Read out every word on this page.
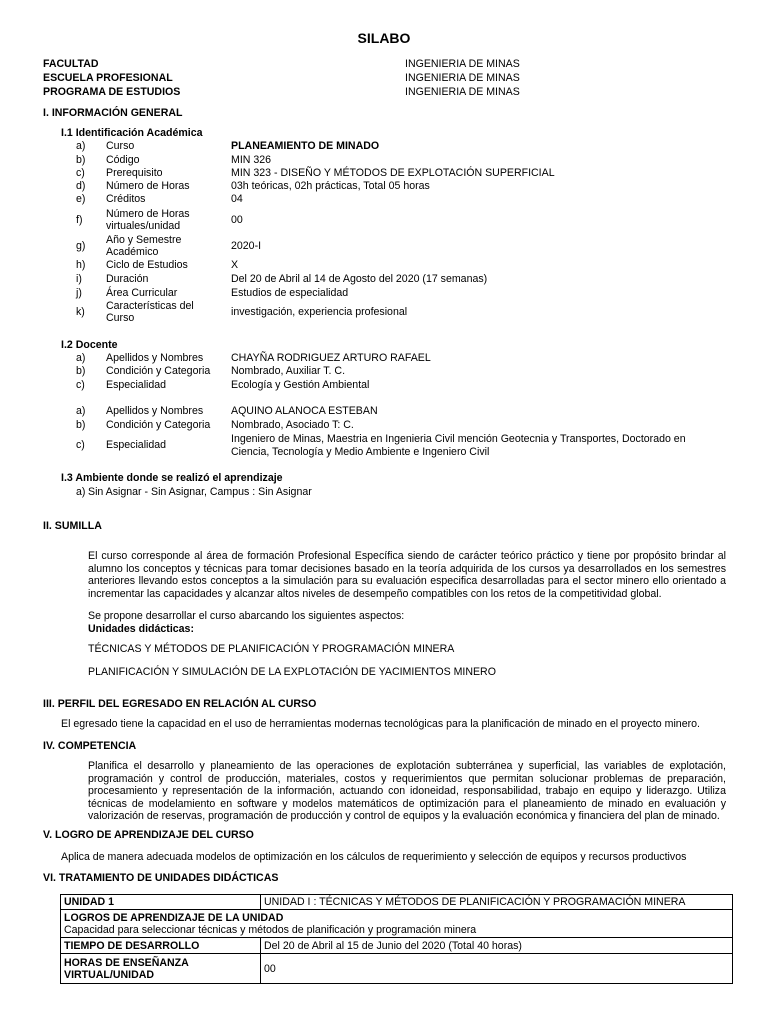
SILABO
FACULTAD	INGENIERIA DE MINAS
ESCUELA PROFESIONAL	INGENIERIA DE MINAS
PROGRAMA DE ESTUDIOS	INGENIERIA DE MINAS
I. INFORMACIÓN GENERAL
I.1 Identificación Académica
a) Curso	PLANEAMIENTO DE MINADO
b) Código	MIN 326
c) Prerequisito	MIN 323 - DISEÑO Y MÉTODOS DE EXPLOTACIÓN SUPERFICIAL
d) Número de Horas	03h teóricas, 02h prácticas, Total 05 horas
e) Créditos	04
f) Número de Horas
virtuales/unidad	00
g) Año y Semestre
Académico	2020-I
h) Ciclo de Estudios	X
i) Duración	Del 20 de Abril al 14 de Agosto del 2020 (17 semanas)
j) Área Curricular	Estudios de especialidad
k) Características del
Curso	investigación, experiencia profesional
I.2 Docente
a) Apellidos y Nombres	CHAYÑA RODRIGUEZ ARTURO RAFAEL
b) Condición y Categoria Nombrado, Auxiliar T. C.
c) Especialidad	Ecología y Gestión Ambiental
a) Apellidos y Nombres	AQUINO ALANOCA ESTEBAN
b) Condición y Categoria Nombrado, Asociado T: C.
c) Especialidad	Ingeniero de Minas, Maestria en Ingenieria Civil mención Geotecnia y Transportes, Doctorado en
Ciencia, Tecnología y Medio Ambiente e Ingeniero Civil
I.3 Ambiente donde se realizó el aprendizaje
a) Sin Asignar - Sin Asignar, Campus : Sin Asignar
II. SUMILLA
El curso corresponde al área de formación Profesional Específica siendo de carácter teórico práctico y tiene por propósito brindar al alumno los conceptos y técnicas para tomar decisiones basado en la teoría adquirida de los cursos ya desarrollados en los semestres anteriores llevando estos conceptos a la simulación para su evaluación especifica desarrolladas para el sector minero ello orientado a incrementar las capacidades y alcanzar altos niveles de desempeño compatibles con los retos de la competitividad global.
Se propone desarrollar el curso abarcando los siguientes aspectos:
Unidades didácticas:
TÉCNICAS Y MÉTODOS DE PLANIFICACIÓN Y PROGRAMACIÓN MINERA
PLANIFICACIÓN Y SIMULACIÓN DE LA EXPLOTACIÓN DE YACIMIENTOS MINERO
III. PERFIL DEL EGRESADO EN RELACIÓN AL CURSO
El egresado tiene la capacidad en el uso de herramientas modernas tecnológicas para la planificación de minado en el proyecto minero.
IV. COMPETENCIA
Planifica el desarrollo y planeamiento de las operaciones de explotación subterránea y superficial, las variables de explotación, programación y control de producción, materiales, costos y requerimientos que permitan solucionar problemas de preparación, procesamiento y representación de la información, actuando con idoneidad, responsabilidad, trabajo en equipo y liderazgo. Utiliza técnicas de modelamiento en software y modelos matemáticos de optimización para el planeamiento de minado en evaluación y valorización de reservas, programación de producción y control de equipos y la evaluación económica y financiera del plan de minado.
V. LOGRO DE APRENDIZAJE DEL CURSO
Aplica de manera adecuada modelos de optimización en los cálculos de requerimiento y selección de equipos y recursos productivos
VI. TRATAMIENTO DE UNIDADES DIDÁCTICAS
UNIDAD 1	UNIDAD I : TÉCNICAS Y MÉTODOS DE PLANIFICACIÓN Y PROGRAMACIÓN MINERA

LOGROS DE APRENDIZAJE DE LA UNIDAD
Capacidad para seleccionar técnicas y métodos de planificación y programación minera	

TIEMPO DE DESARROLLO	Del 20 de Abril al 15 de Junio del 2020 (Total 40 horas)

HORAS DE ENSEÑANZA
VIRTUAL/UNIDAD	00
